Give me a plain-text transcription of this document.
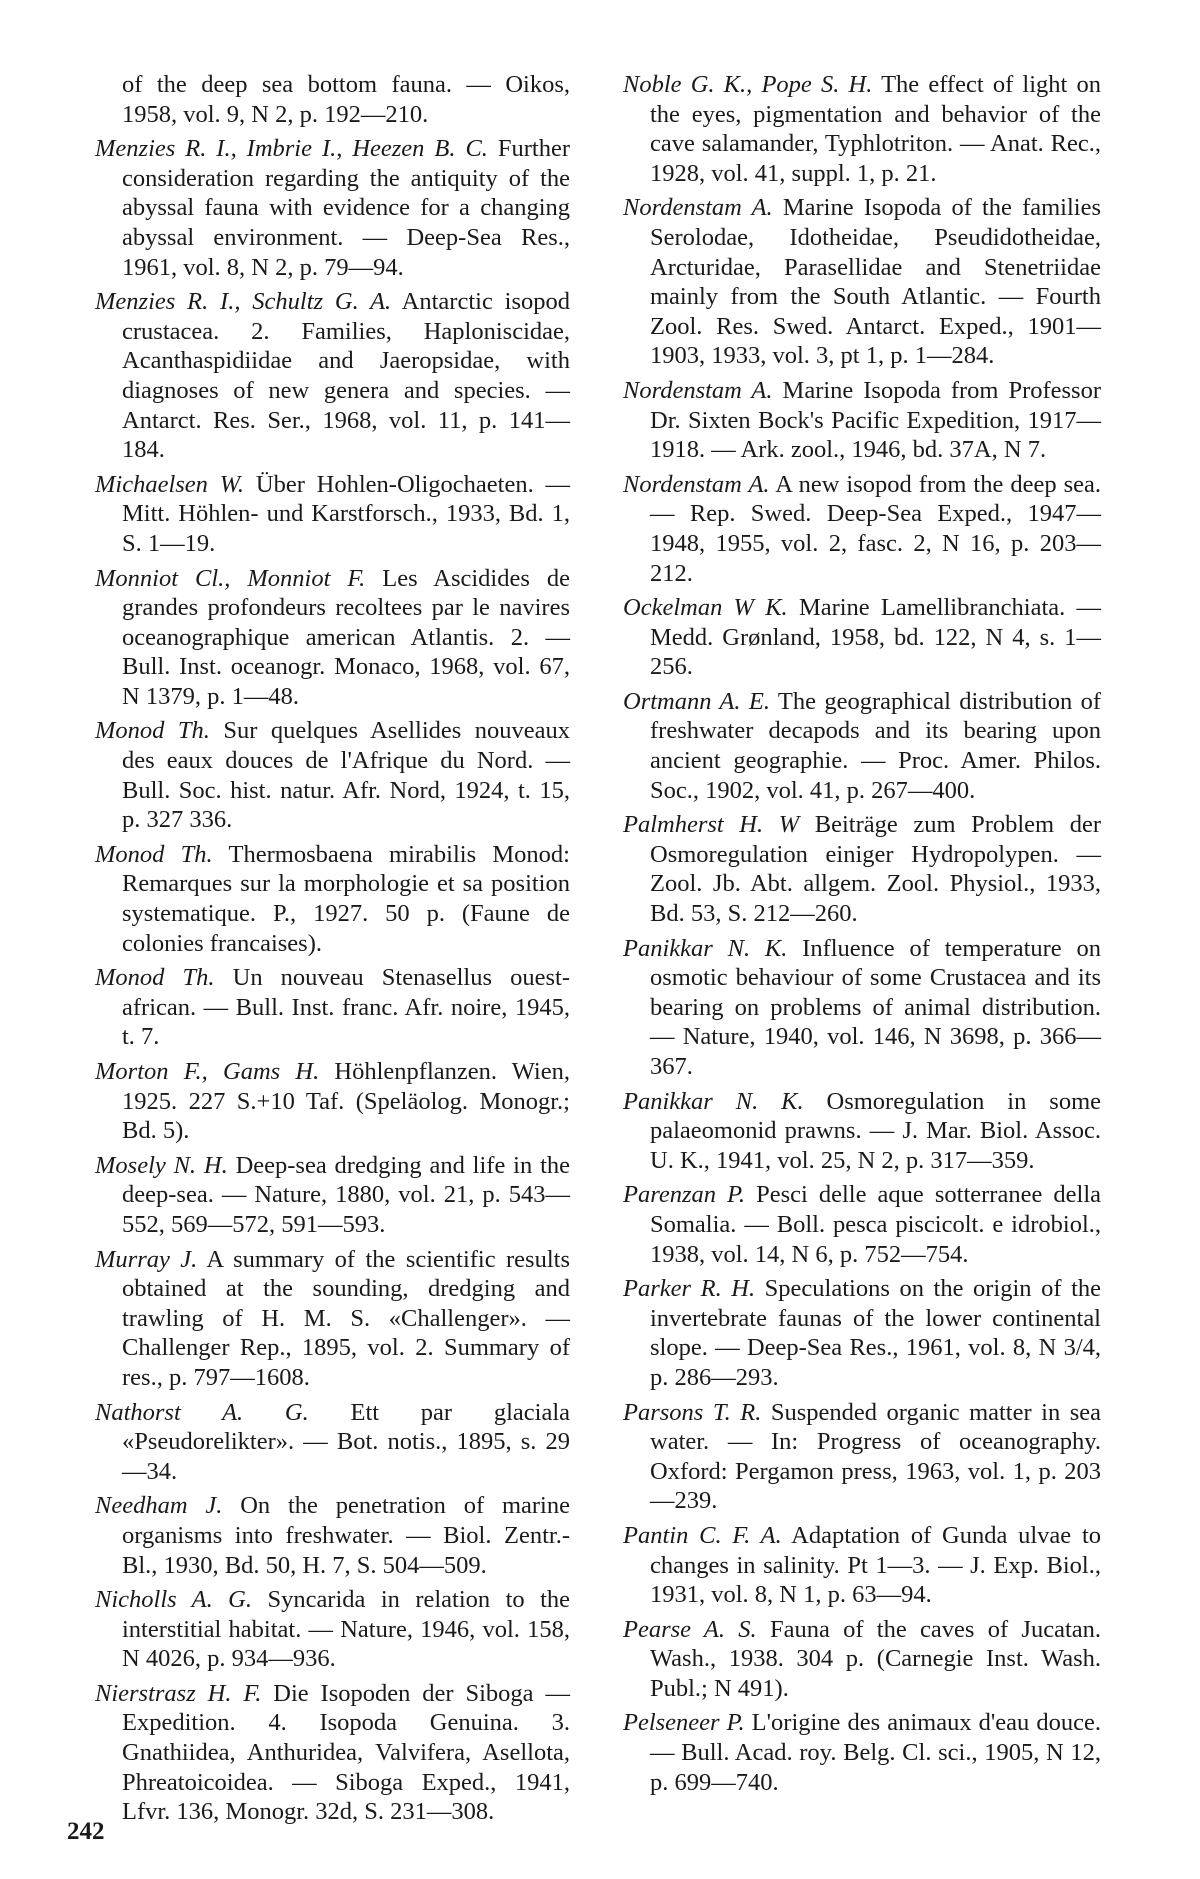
of the deep sea bottom fauna. — Oikos, 1958, vol. 9, N 2, p. 192—210.

Menzies R. I., Imbrie I., Heezen B. C. Further consideration regarding the antiquity of the abyssal fauna with evidence for a changing abyssal environment. — Deep-Sea Res., 1961, vol. 8, N 2, p. 79—94.

Menzies R. I., Schultz G. A. Antarctic isopod crustacea. 2. Families, Haploniscidae, Acanthaspidiidae and Jaeropsidae, with diagnoses of new genera and species. — Antarct. Res. Ser., 1968, vol. 11, p. 141—184.

Michaelsen W. Über Hohlen-Oligochaeten. — Mitt. Höhlen- und Karstforsch., 1933, Bd. 1, S. 1—19.

Monniot Cl., Monniot F. Les Ascidides de grandes profondeurs recoltees par le navires oceanographique american Atlantis. 2. — Bull. Inst. oceanogr. Monaco, 1968, vol. 67, N 1379, p. 1—48.

Monod Th. Sur quelques Asellides nouveaux des eaux douces de l'Afrique du Nord. — Bull. Soc. hist. natur. Afr. Nord, 1924, t. 15, p. 327 336.

Monod Th. Thermosbaena mirabilis Monod: Remarques sur la morphologie et sa position systematique. P., 1927. 50 p. (Faune de colonies francaises).

Monod Th. Un nouveau Stenasellus ouest-african. — Bull. Inst. franc. Afr. noire, 1945, t. 7.

Morton F., Gams H. Höhlenpflanzen. Wien, 1925. 227 S.+10 Taf. (Speläolog. Monogr.; Bd. 5).

Mosely N. H. Deep-sea dredging and life in the deep-sea. — Nature, 1880, vol. 21, p. 543—552, 569—572, 591—593.

Murray J. A summary of the scientific results obtained at the sounding, dredging and trawling of H. M. S. «Challenger». — Challenger Rep., 1895, vol. 2. Summary of res., p. 797—1608.

Nathorst A. G. Ett par glaciala «Pseudorelikter». — Bot. notis., 1895, s. 29—34.

Needham J. On the penetration of marine organisms into freshwater. — Biol. Zentr.-Bl., 1930, Bd. 50, H. 7, S. 504—509.

Nicholls A. G. Syncarida in relation to the interstitial habitat. — Nature, 1946, vol. 158, N 4026, p. 934—936.

Nierstrasz H. F. Die Isopoden der Siboga — Expedition. 4. Isopoda Genuina. 3. Gnathiidea, Anthuridea, Valvifera, Asellota, Phreatoicoidea. — Siboga Exped., 1941, Lfvr. 136, Monogr. 32d, S. 231—308.

Noble G. K., Pope S. H. The effect of light on the eyes, pigmentation and behavior of the cave salamander, Typhlotriton. — Anat. Rec., 1928, vol. 41, suppl. 1, p. 21.

Nordenstam A. Marine Isopoda of the families Serolodae, Idotheidae, Pseudidotheidae, Arcturidae, Parasellidae and Stenetriidae mainly from the South Atlantic. — Fourth Zool. Res. Swed. Antarct. Exped., 1901—1903, 1933, vol. 3, pt 1, p. 1—284.

Nordenstam A. Marine Isopoda from Professor Dr. Sixten Bock's Pacific Expedition, 1917—1918. — Ark. zool., 1946, bd. 37A, N 7.

Nordenstam A. A new isopod from the deep sea. — Rep. Swed. Deep-Sea Exped., 1947—1948, 1955, vol. 2, fasc. 2, N 16, p. 203—212.

Ockelman W K. Marine Lamellibranchiata. — Medd. Grønland, 1958, bd. 122, N 4, s. 1—256.

Ortmann A. E. The geographical distribution of freshwater decapods and its bearing upon ancient geographie. — Proc. Amer. Philos. Soc., 1902, vol. 41, p. 267—400.

Palmherst H. W Beiträge zum Problem der Osmoregulation einiger Hydropolypen. — Zool. Jb. Abt. allgem. Zool. Physiol., 1933, Bd. 53, S. 212—260.

Panikkar N. K. Influence of temperature on osmotic behaviour of some Crustacea and its bearing on problems of animal distribution. — Nature, 1940, vol. 146, N 3698, p. 366—367.

Panikkar N. K. Osmoregulation in some palaeomonid prawns. — J. Mar. Biol. Assoc. U. K., 1941, vol. 25, N 2, p. 317—359.

Parenzan P. Pesci delle aque sotterranee della Somalia. — Boll. pesca piscicolt. e idrobiol., 1938, vol. 14, N 6, p. 752—754.

Parker R. H. Speculations on the origin of the invertebrate faunas of the lower continental slope. — Deep-Sea Res., 1961, vol. 8, N 3/4, p. 286—293.

Parsons T. R. Suspended organic matter in sea water. — In: Progress of oceanography. Oxford: Pergamon press, 1963, vol. 1, p. 203—239.

Pantin C. F. A. Adaptation of Gunda ulvae to changes in salinity. Pt 1—3. — J. Exp. Biol., 1931, vol. 8, N 1, p. 63—94.

Pearse A. S. Fauna of the caves of Jucatan. Wash., 1938. 304 p. (Carnegie Inst. Wash. Publ.; N 491).

Pelseneer P. L'origine des animaux d'eau douce. — Bull. Acad. roy. Belg. Cl. sci., 1905, N 12, p. 699—740.

242
